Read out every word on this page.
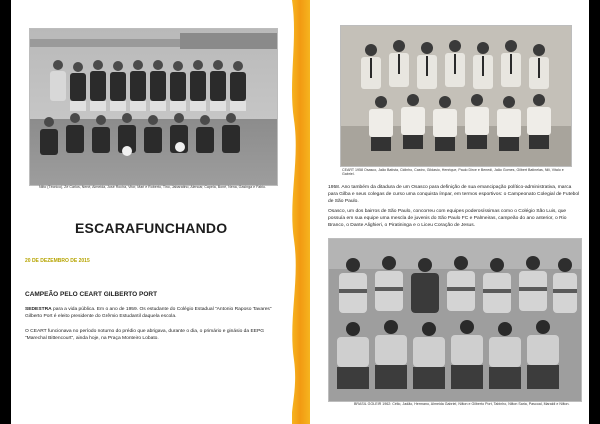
Nilto (Técnico), Zé Carlos, Nené, Almeida, José Rocha, Vitor, Mari e Roberto, Tino, Jabaratino, Alencar, Capela, Boné, Nena, Gasinga e Fabio.
ESCARAFUNCHANDO
20 DE DEZEMBRO DE 2015
CAMPEÃO PELO CEART GILBERTO PORT
SEDESTRA para a vida pública. Em o ano de 1959. Os estudante do Colégio Estadual “Antonio Raposo Tavares” Gilberto Port é eleito presidente do Grêmio Estudantil daquela escola.
O CEART funcionava no período noturno do prédio que abrigava, durante o dia, o primário e ginásio da EEPG “Marechal Bittencourt”, ainda hoje, na Praça Monteiro Lobato.
CEART 1958 Osasco, Jaão Batista, Cidinho, Castro, Gildasio, Henrique, Paulo Dirce e Benedi, Jaão Gomes, Gilbert Batinelas, Nili, Vitalo e Gabriel.
1958. Ano também da ditadura de um Osasco para definição de sua emancipação político-administrativa, marca para Gilba e seus colegas de curso uma conquista ímpar, em termos esportivos: o Campeonato Colegial de Futebol de São Paulo.
Osasco, um dos bairros de São Paulo, concorreu com equipes poderosíssimas como o Colégio São Luis, que possuía em sua equipe uma mescla de juvenis do São Paulo FC e Palmeiras, campeão do ano anterior, o Rio Branco, o Dante Alighieri, o Piratininga e o Liceu Coração de Jesus.
BRASIL GOLEIR 1962: Célio, Jadão, Hermano, Almeida Gabriel, Nilton e Gilberto Port, Tabinho, Nilton Saria, Pascoal, Maraldi e Nilton.
